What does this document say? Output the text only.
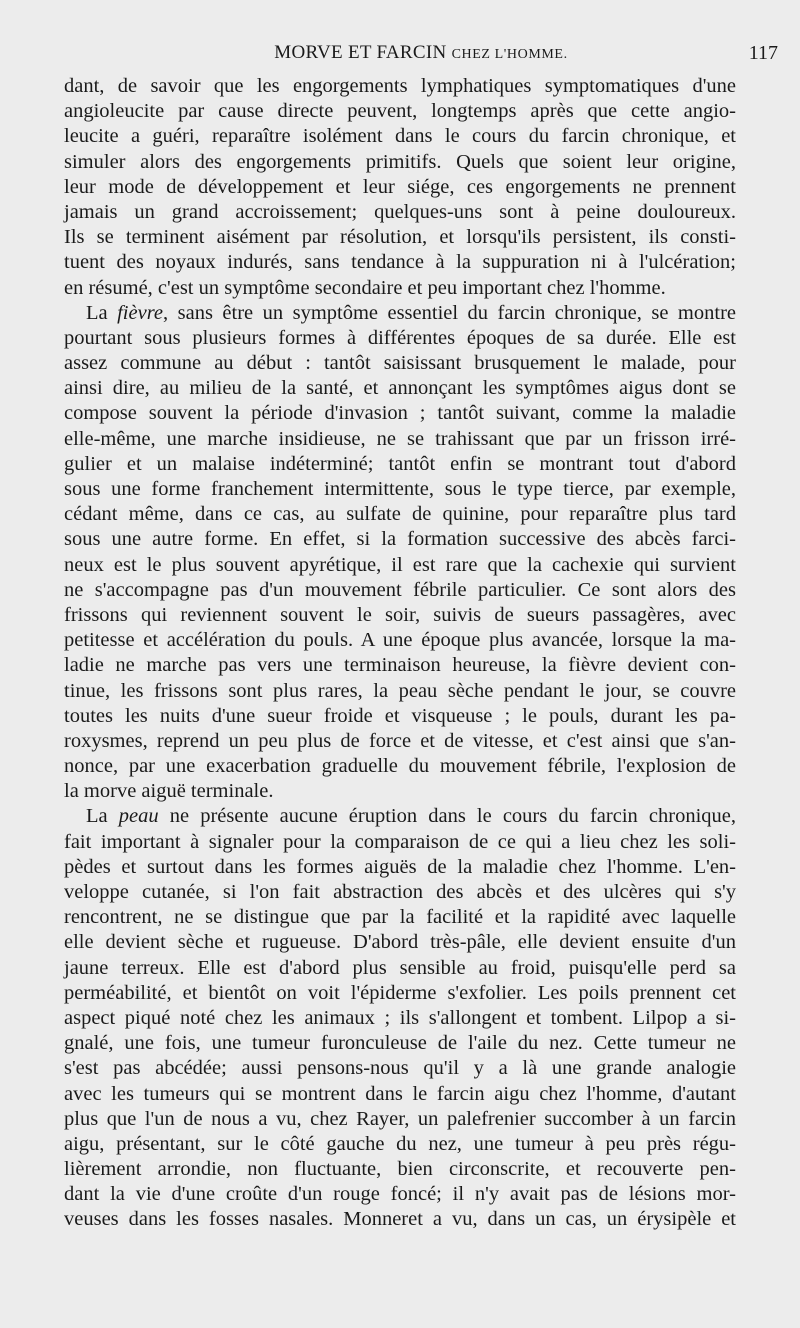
MORVE ET FARCIN CHEZ L'HOMME.	117
dant, de savoir que les engorgements lymphatiques symptomatiques d'une
angioleucite par cause directe peuvent, longtemps après que cette angio-
leucite a guéri, reparaître isolément dans le cours du farcin chronique, et
simuler alors des engorgements primitifs. Quels que soient leur origine,
leur mode de développement et leur siége, ces engorgements ne prennent
jamais un grand accroissement; quelques-uns sont à peine douloureux.
Ils se terminent aisément par résolution, et lorsqu'ils persistent, ils consti-
tuent des noyaux indurés, sans tendance à la suppuration ni à l'ulcération;
en résumé, c'est un symptôme secondaire et peu important chez l'homme.
La fièvre, sans être un symptôme essentiel du farcin chronique, se montre
pourtant sous plusieurs formes à différentes époques de sa durée. Elle est
assez commune au début : tantôt saisissant brusquement le malade, pour
ainsi dire, au milieu de la santé, et annonçant les symptômes aigus dont se
compose souvent la période d'invasion ; tantôt suivant, comme la maladie
elle-même, une marche insidieuse, ne se trahissant que par un frisson irré-
gulier et un malaise indéterminé; tantôt enfin se montrant tout d'abord
sous une forme franchement intermittente, sous le type tierce, par exemple,
cédant même, dans ce cas, au sulfate de quinine, pour reparaître plus tard
sous une autre forme. En effet, si la formation successive des abcès farci-
neux est le plus souvent apyrétique, il est rare que la cachexie qui survient
ne s'accompagne pas d'un mouvement fébrile particulier. Ce sont alors des
frissons qui reviennent souvent le soir, suivis de sueurs passagères, avec
petitesse et accélération du pouls. A une époque plus avancée, lorsque la ma-
ladie ne marche pas vers une terminaison heureuse, la fièvre devient con-
tinue, les frissons sont plus rares, la peau sèche pendant le jour, se couvre
toutes les nuits d'une sueur froide et visqueuse ; le pouls, durant les pa-
roxysmes, reprend un peu plus de force et de vitesse, et c'est ainsi que s'an-
nonce, par une exacerbation graduelle du mouvement fébrile, l'explosion de
la morve aiguë terminale.
La peau ne présente aucune éruption dans le cours du farcin chronique,
fait important à signaler pour la comparaison de ce qui a lieu chez les soli-
pèdes et surtout dans les formes aiguës de la maladie chez l'homme. L'en-
veloppe cutanée, si l'on fait abstraction des abcès et des ulcères qui s'y
rencontrent, ne se distingue que par la facilité et la rapidité avec laquelle
elle devient sèche et rugueuse. D'abord très-pâle, elle devient ensuite d'un
jaune terreux. Elle est d'abord plus sensible au froid, puisqu'elle perd sa
perméabilité, et bientôt on voit l'épiderme s'exfolier. Les poils prennent cet
aspect piqué noté chez les animaux ; ils s'allongent et tombent. Lilpop a si-
gnalé, une fois, une tumeur furonculeuse de l'aile du nez. Cette tumeur ne
s'est pas abcédée; aussi pensons-nous qu'il y a là une grande analogie
avec les tumeurs qui se montrent dans le farcin aigu chez l'homme, d'autant
plus que l'un de nous a vu, chez Rayer, un palefrenier succomber à un farcin
aigu, présentant, sur le côté gauche du nez, une tumeur à peu près régu-
lièrement arrondie, non fluctuante, bien circonscrite, et recouverte pen-
dant la vie d'une croûte d'un rouge foncé; il n'y avait pas de lésions mor-
veuses dans les fosses nasales. Monneret a vu, dans un cas, un érysipèle et
